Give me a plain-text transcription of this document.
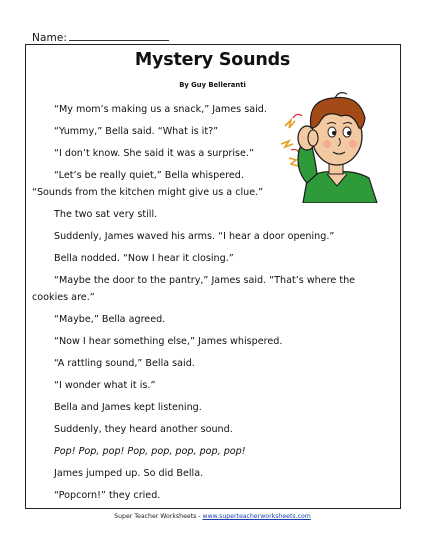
Name:
Mystery Sounds
By Guy Belleranti

“My mom’s making us a snack,” James said.

“Yummy,” Bella said. “What is it?”

“I don’t know. She said it was a surprise.”

“Let’s be really quiet,” Bella whispered.

“Sounds from the kitchen might give us a clue.”

The two sat very still.

Suddenly, James waved his arms. “I hear a door opening.”

Bella nodded. “Now I hear it closing.”

“Maybe the door to the pantry,” James said. “That’s where the

cookies are.”

“Maybe,” Bella agreed.

“Now I hear something else,” James whispered.

“A rattling sound,” Bella said.

“I wonder what it is.”

Bella and James kept listening.

Suddenly, they heard another sound.

Pop! Pop, pop! Pop, pop, pop, pop, pop!

James jumped up. So did Bella.

“Popcorn!” they cried.

Super Teacher Worksheets - www.superteacherworksheets.com
